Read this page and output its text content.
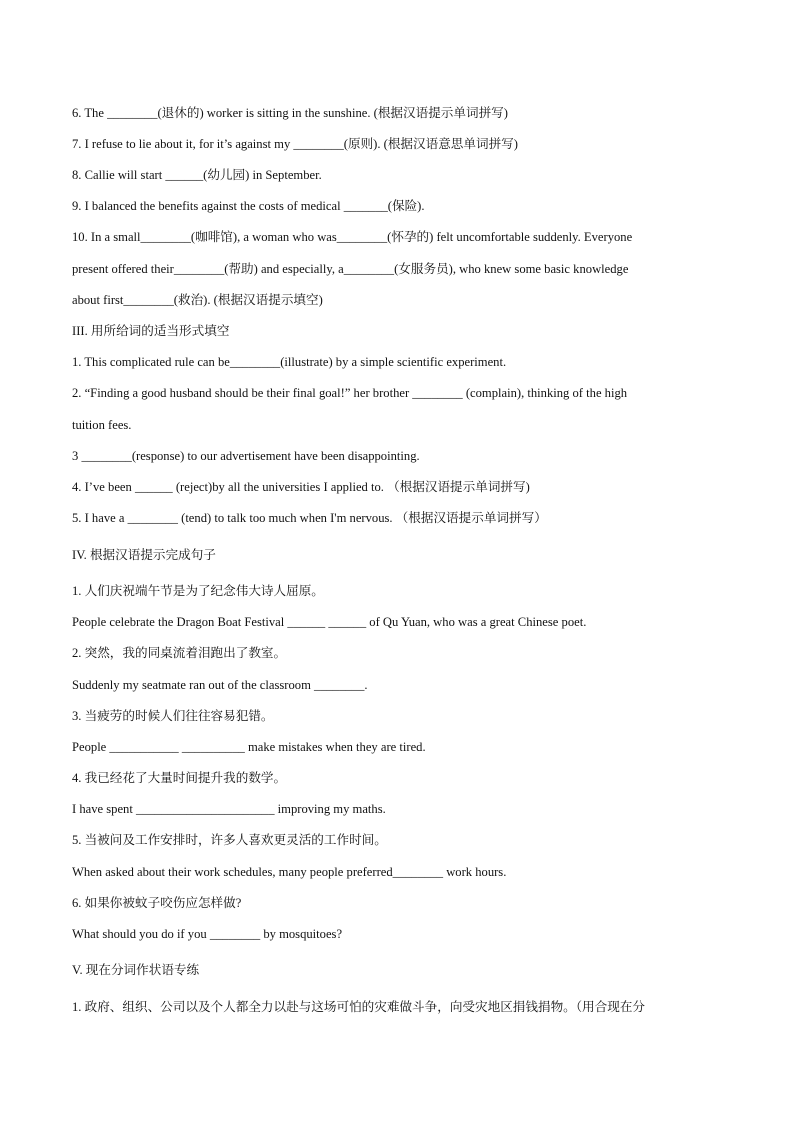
6. The ________(退休的) worker is sitting in the sunshine. (根据汉语提示单词拼写)
7. I refuse to lie about it, for it’s against my ________(原则). (根据汉语意思单词拼写)
8. Callie will start ______(幼儿园) in September.
9. I balanced the benefits against the costs of medical _______(保险).
10. In a small________(咖啡馆), a woman who was________(怀孕的) felt uncomfortable suddenly. Everyone
present offered their________(帮助) and especially, a________(女服务员), who knew some basic knowledge
about first________(救治). (根据汉语提示填空)
III. 用所给词的适当形式填空
1. This complicated rule can be________(illustrate) by a simple scientific experiment.
2. “Finding a good husband should be their final goal!” her brother ________ (complain), thinking of the high
tuition fees.
3 ________(response) to our advertisement have been disappointing.
4. I’ve been ______ (reject)by all the universities I applied to. （根据汉语提示单词拼写)
5. I have a ________ (tend) to talk too much when I'm nervous. （根据汉语提示单词拼写）
IV. 根据汉语提示完成句子
1. 人们庆祝端午节是为了纪念伟大诗人屈原。
People celebrate the Dragon Boat Festival ______ ______ of Qu Yuan, who was a great Chinese poet.
2. 突然，我的同桌流着泪跑出了教室。
Suddenly my seatmate ran out of the classroom ________.
3. 当疲劳的时候人们往往容易犯错。
People ___________ __________ make mistakes when they are tired.
4. 我已经花了大量时间提升我的数学。
I have spent ______________________ improving my maths.
5. 当被问及工作安排时，许多人喜欢更灵活的工作时间。
When asked about their work schedules, many people preferred________ work hours.
6. 如果你被蚊子咬伤应怎样做?
What should you do if you ________ by mosquitoes?
V. 现在分词作状语专练
1. 政府、组织、公司以及个人都全力以赴与这场可怕的灾难做斗争，向受灾地区捐钱捐物。（用合现在分
